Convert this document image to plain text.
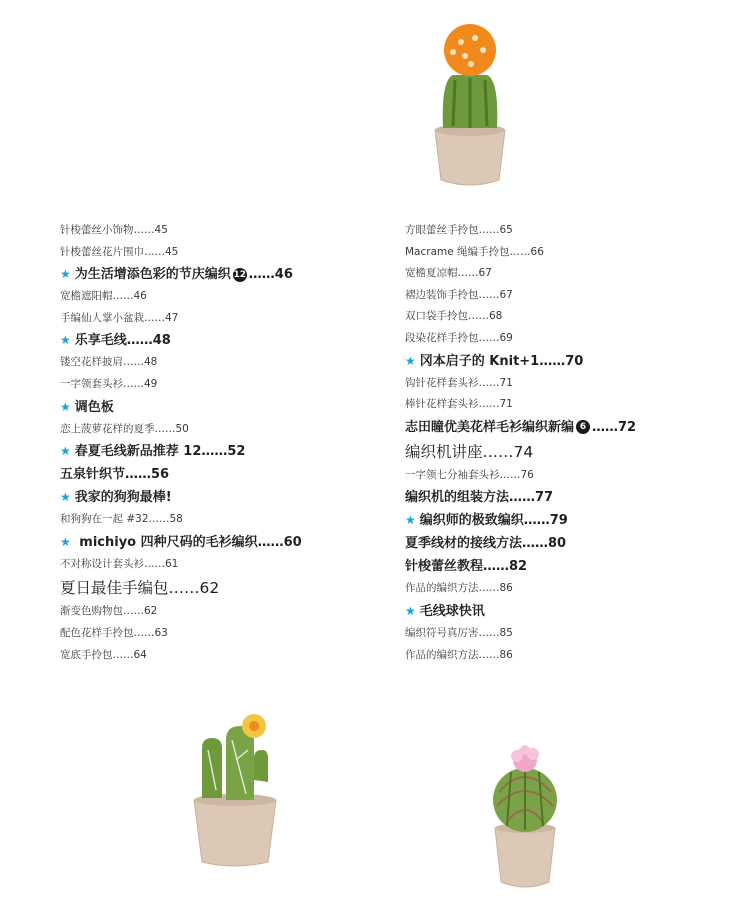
针梭蕾丝小饰物……45
针梭蕾丝花片围巾……45
★ 为生活增添色彩的节庆编织 12 ……46
宽檐遮阳帽……46
手编仙人掌小盆栽……47
★ 乐享毛线……48
镂空花样披肩……48
一字领套头衫……49
★ 调色板
恋上菠萝花样的夏季……50
★ 春夏毛线新品推荐 12……52
五泉针织节……56
★ 我家的狗狗最棒!
和狗狗在一起 #32……58
★ michiyo 四种尺码的毛衫编织……60
不对称设计套头衫……61
夏日最佳手编包……62
渐变色购物包……62
配色花样手拎包……63
宽底手拎包……64
方眼蕾丝手拎包……65
Macrame 绳编手拎包……66
宽檐夏凉帽……67
褶边装饰手拎包……67
双口袋手拎包……68
段染花样手拎包……69
★ 冈本启子的 Knit+1……70
钩针花样套头衫……71
棒针花样套头衫……71
志田瞳优美花样毛衫编织新编 6 ……72
编织机讲座……74
一字领七分袖套头衫……76
编织机的组装方法……77
★ 编织师的极致编织……79
夏季线材的接线方法……80
针梭蕾丝教程……82
作品的编织方法……86
★ 毛线球快讯
编织符号真厉害……85
作品的编织方法……86
